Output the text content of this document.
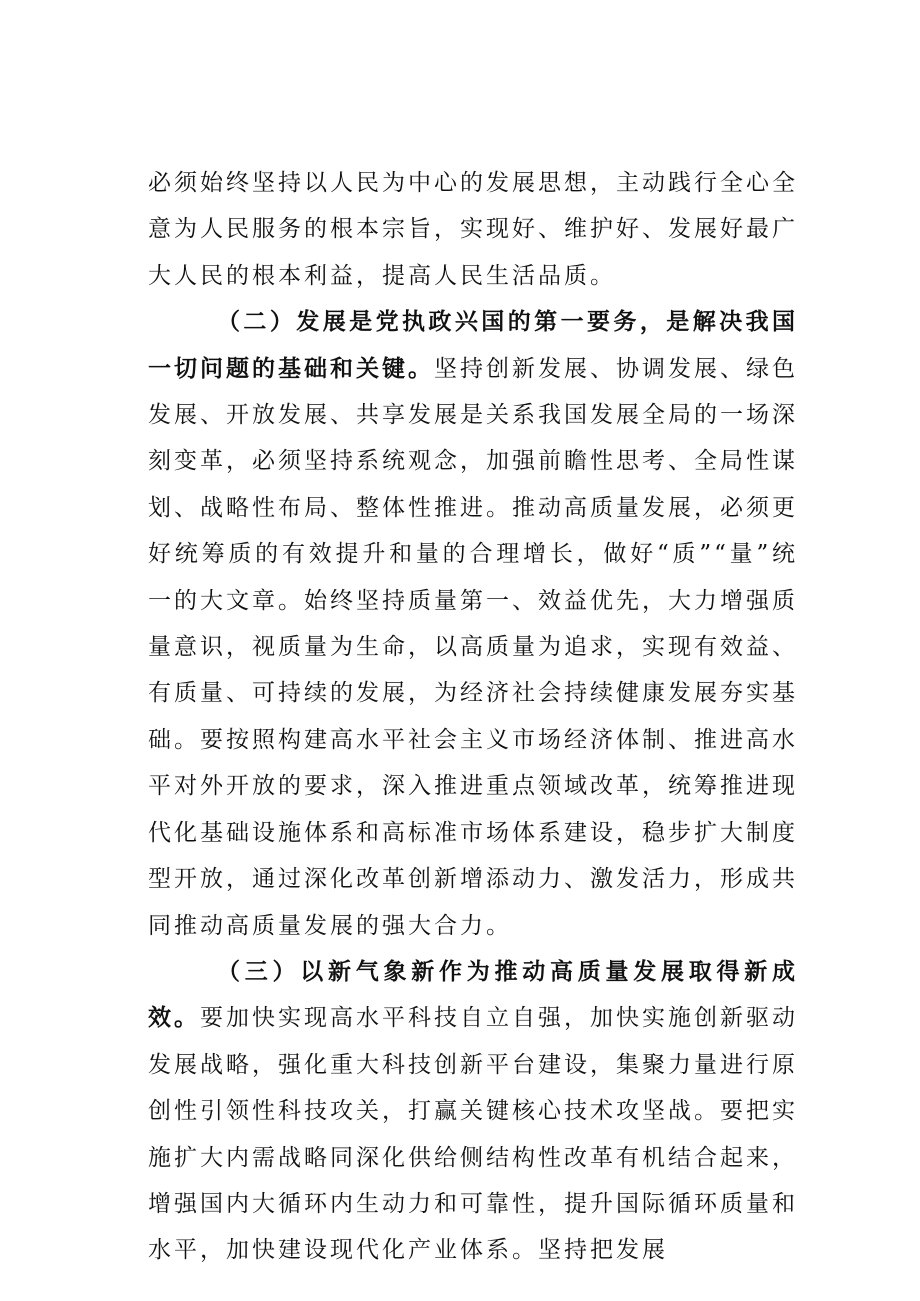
必须始终坚持以人民为中心的发展思想，主动践行全心全意为人民服务的根本宗旨，实现好、维护好、发展好最广大人民的根本利益，提高人民生活品质。

（二）发展是党执政兴国的第一要务，是解决我国一切问题的基础和关键。坚持创新发展、协调发展、绿色发展、开放发展、共享发展是关系我国发展全局的一场深刻变革，必须坚持系统观念，加强前瞻性思考、全局性谋划、战略性布局、整体性推进。推动高质量发展，必须更好统筹质的有效提升和量的合理增长，做好“质”“量”统一的大文章。始终坚持质量第一、效益优先，大力增强质量意识，视质量为生命，以高质量为追求，实现有效益、有质量、可持续的发展，为经济社会持续健康发展夯实基础。要按照构建高水平社会主义市场经济体制、推进高水平对外开放的要求，深入推进重点领域改革，统筹推进现代化基础设施体系和高标准市场体系建设，稳步扩大制度型开放，通过深化改革创新增添动力、激发活力，形成共同推动高质量发展的强大合力。

（三）以新气象新作为推动高质量发展取得新成效。要加快实现高水平科技自立自强，加快实施创新驱动发展战略，强化重大科技创新平台建设，集聚力量进行原创性引领性科技攻关，打赢关键核心技术攻坚战。要把实施扩大内需战略同深化供给侧结构性改革有机结合起来，增强国内大循环内生动力和可靠性，提升国际循环质量和水平，加快建设现代化产业体系。坚持把发展
